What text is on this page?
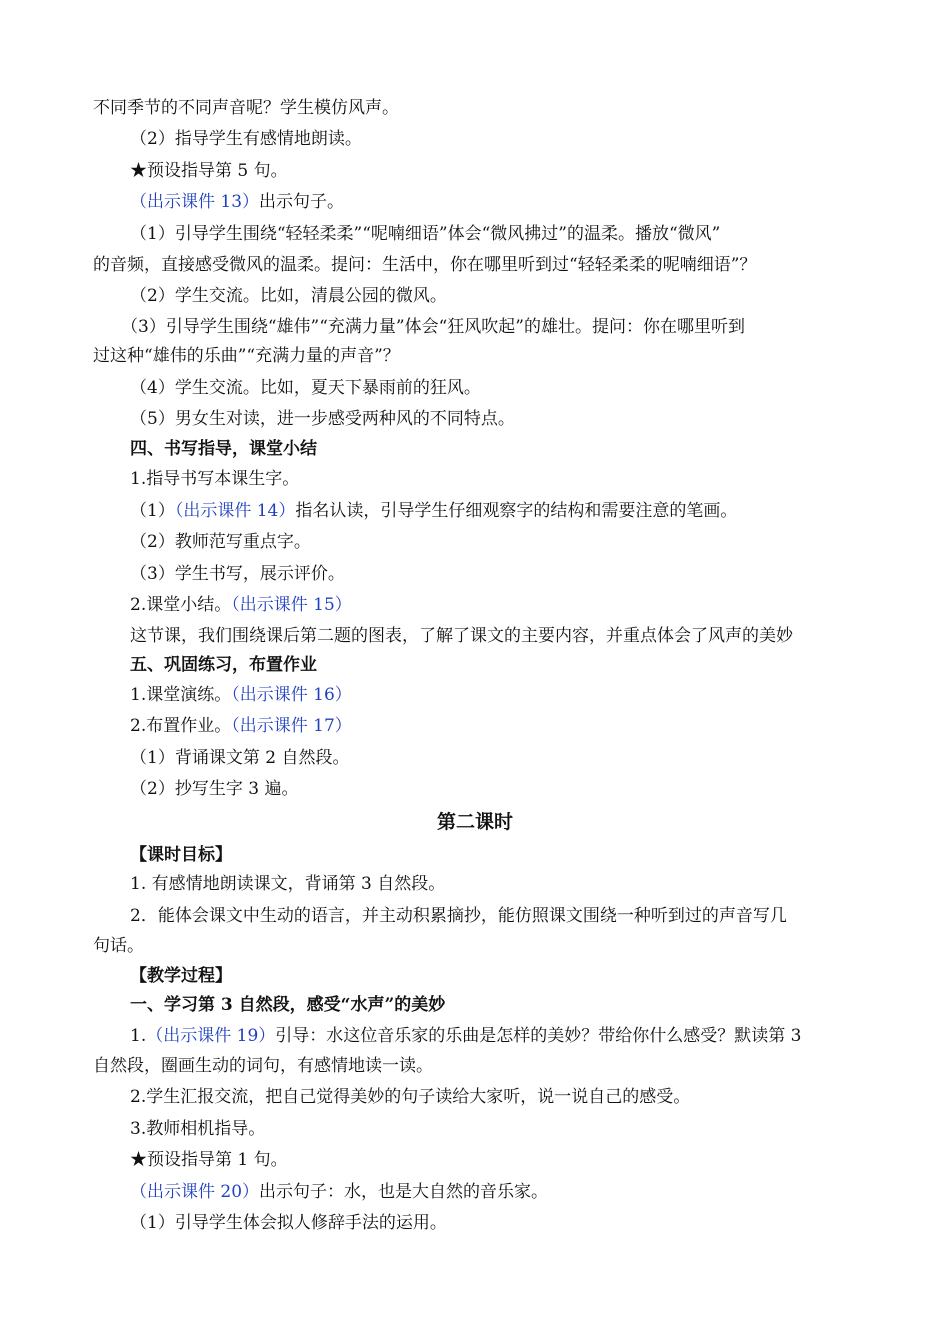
不同季节的不同声音呢？学生模仿风声。
（2）指导学生有感情地朗读。
★预设指导第 5 句。
（出示课件 13）出示句子。
（1）引导学生围绕“轻轻柔柔”“呢喃细语”体会“微风拂过”的温柔。播放“微风”
的音频，直接感受微风的温柔。提问：生活中，你在哪里听到过“轻轻柔柔的呢喃细语”？
（2）学生交流。比如，清晨公园的微风。
（3）引导学生围绕“雄伟”“充满力量”体会“狂风吹起”的雄壮。提问：你在哪里听到
过这种“雄伟的乐曲”“充满力量的声音”？
（4）学生交流。比如，夏天下暴雨前的狂风。
（5）男女生对读，进一步感受两种风的不同特点。
四、书写指导，课堂小结
1.指导书写本课生字。
（1）（出示课件 14）指名认读，引导学生仔细观察字的结构和需要注意的笔画。
（2）教师范写重点字。
（3）学生书写，展示评价。
2.课堂小结。（出示课件 15）
这节课，我们围绕课后第二题的图表，了解了课文的主要内容，并重点体会了风声的美妙
五、巩固练习，布置作业
1.课堂演练。（出示课件 16）
2.布置作业。（出示课件 17）
（1）背诵课文第 2 自然段。
（2）抄写生字 3 遍。
第二课时
【课时目标】
1. 有感情地朗读课文，背诵第 3 自然段。
2．能体会课文中生动的语言，并主动积累摘抄，能仿照课文围绕一种听到过的声音写几
句话。
【教学过程】
一、学习第 3 自然段，感受“水声”的美妙
1.（出示课件 19）引导：水这位音乐家的乐曲是怎样的美妙？带给你什么感受？默读第 3
自然段，圈画生动的词句，有感情地读一读。
2.学生汇报交流，把自己觉得美妙的句子读给大家听，说一说自己的感受。
3.教师相机指导。
★预设指导第 1 句。
（出示课件 20）出示句子：水，也是大自然的音乐家。
（1）引导学生体会拟人修辞手法的运用。
